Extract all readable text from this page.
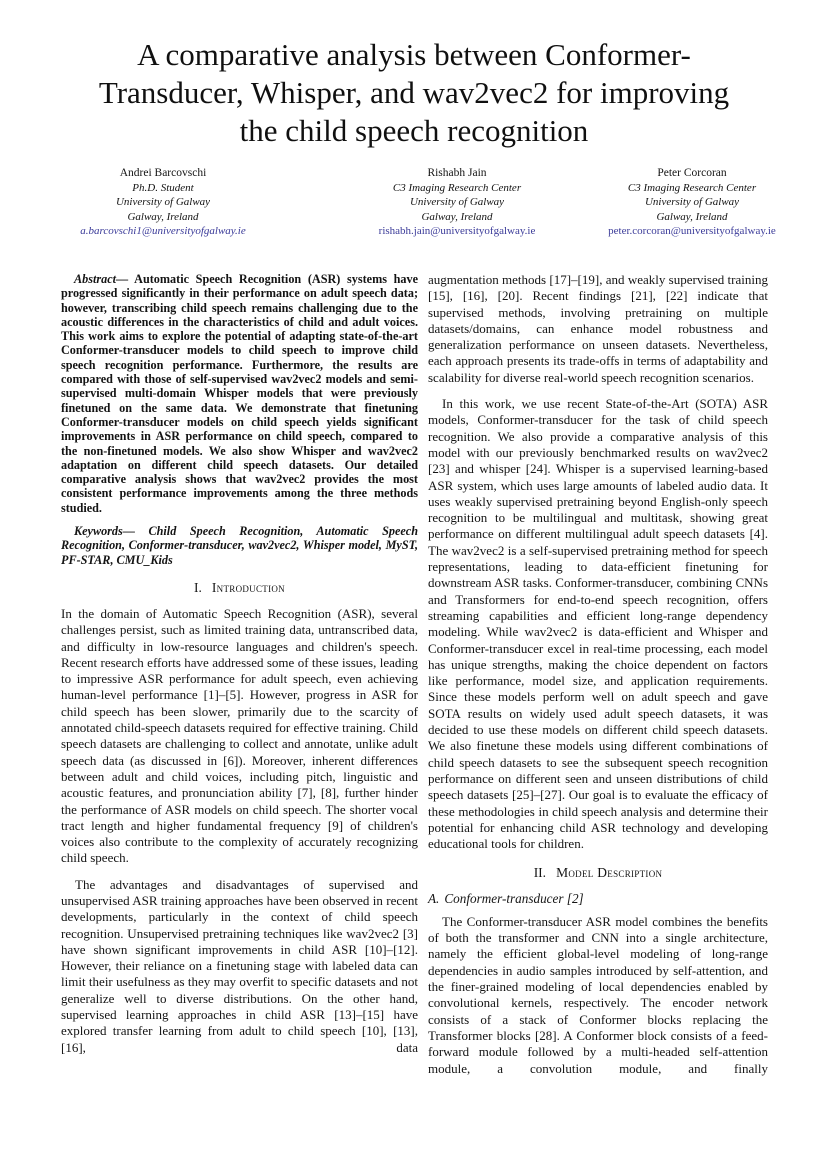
A comparative analysis between Conformer-
Transducer, Whisper, and wav2vec2 for improving
the child speech recognition
Andrei Barcovschi
Ph.D. Student
University of Galway
Galway, Ireland
a.barcovschi1@universityofgalway.ie
Rishabh Jain
C3 Imaging Research Center
University of Galway
Galway, Ireland
rishabh.jain@universityofgalway.ie
Peter Corcoran
C3 Imaging Research Center
University of Galway
Galway, Ireland
peter.corcoran@universityofgalway.ie

Abstract— Automatic Speech Recognition (ASR) systems have progressed significantly in their performance on adult speech data; however, transcribing child speech remains challenging due to the acoustic differences in the characteristics of child and adult voices. This work aims to explore the potential of adapting state-of-the-art Conformer-transducer models to child speech to improve child speech recognition performance. Furthermore, the results are compared with those of self-supervised wav2vec2 models and semi-supervised multi-domain Whisper models that were previously finetuned on the same data. We demonstrate that finetuning Conformer-transducer models on child speech yields significant improvements in ASR performance on child speech, compared to the non-finetuned models. We also show Whisper and wav2vec2 adaptation on different child speech datasets. Our detailed comparative analysis shows that wav2vec2 provides the most consistent performance improvements among the three methods studied.

Keywords— Child Speech Recognition, Automatic Speech Recognition, Conformer-transducer, wav2vec2, Whisper model, MyST, PF-STAR, CMU_Kids

I. Introduction

In the domain of Automatic Speech Recognition (ASR), several challenges persist, such as limited training data, untranscribed data, and difficulty in low-resource languages and children's speech. Recent research efforts have addressed some of these issues, leading to impressive ASR performance for adult speech, even achieving human-level performance [1]–[5]. However, progress in ASR for child speech has been slower, primarily due to the scarcity of annotated child-speech datasets required for effective training. Child speech datasets are challenging to collect and annotate, unlike adult speech data (as discussed in [6]). Moreover, inherent differences between adult and child voices, including pitch, linguistic and acoustic features, and pronunciation ability [7], [8], further hinder the performance of ASR models on child speech. The shorter vocal tract length and higher fundamental frequency [9] of children's voices also contribute to the complexity of accurately recognizing child speech.

The advantages and disadvantages of supervised and unsupervised ASR training approaches have been observed in recent developments, particularly in the context of child speech recognition. Unsupervised pretraining techniques like wav2vec2 [3] have shown significant improvements in child ASR [10]–[12]. However, their reliance on a finetuning stage with labeled data can limit their usefulness as they may overfit to specific datasets and not generalize well to diverse distributions. On the other hand, supervised learning approaches in child ASR [13]–[15] have explored transfer learning from adult to child speech [10], [13], [16], data

augmentation methods [17]–[19], and weakly supervised training [15], [16], [20]. Recent findings [21], [22] indicate that supervised methods, involving pretraining on multiple datasets/domains, can enhance model robustness and generalization performance on unseen datasets. Nevertheless, each approach presents its trade-offs in terms of adaptability and scalability for diverse real-world speech recognition scenarios.

In this work, we use recent State-of-the-Art (SOTA) ASR models, Conformer-transducer for the task of child speech recognition. We also provide a comparative analysis of this model with our previously benchmarked results on wav2vec2 [23] and whisper [24]. Whisper is a supervised learning-based ASR system, which uses large amounts of labeled audio data. It uses weakly supervised pretraining beyond English-only speech recognition to be multilingual and multitask, showing great performance on different multilingual adult speech datasets [4]. The wav2vec2 is a self-supervised pretraining method for speech representations, leading to data-efficient finetuning for downstream ASR tasks. Conformer-transducer, combining CNNs and Transformers for end-to-end speech recognition, offers streaming capabilities and efficient long-range dependency modeling. While wav2vec2 is data-efficient and Whisper and Conformer-transducer excel in real-time processing, each model has unique strengths, making the choice dependent on factors like performance, model size, and application requirements. Since these models perform well on adult speech and gave SOTA results on widely used adult speech datasets, it was decided to use these models on different child speech datasets. We also finetune these models using different combinations of child speech datasets to see the subsequent speech recognition performance on different seen and unseen distributions of child speech datasets [25]–[27]. Our goal is to evaluate the efficacy of these methodologies in child speech analysis and determine their potential for enhancing child ASR technology and developing educational tools for children.

II. Model Description
A. Conformer-transducer [2]

The Conformer-transducer ASR model combines the benefits of both the transformer and CNN into a single architecture, namely the efficient global-level modeling of long-range dependencies in audio samples introduced by self-attention, and the finer-grained modeling of local dependencies enabled by convolutional kernels, respectively. The encoder network consists of a stack of Conformer blocks replacing the Transformer blocks [28]. A Conformer block consists of a feed-forward module followed by a multi-headed self-attention module, a convolution module, and finally
